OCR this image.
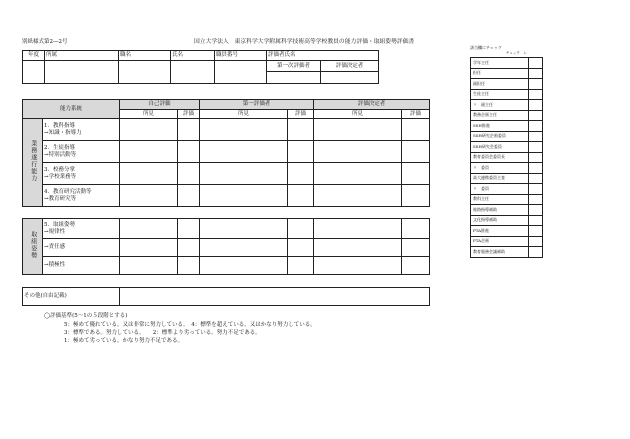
別紙様式第2―2号	国立大学法人　東京科学大学附属科学技術高等学校教員の能力評価・取組姿勢評価書
年度	所属	職名	氏名	職員番号	評価者氏名	
					第一次評価者	評価決定者

能力系統		自己評価		第一評価者		評価決定者	
		所見	評価	所見	評価	所見	評価
業務遂行能力	1．教科指導
→知識・指導力						

	2．生徒指導
→特別活動等						

	3．校務分掌
→学校業務等						

	4．教育研究活動等
→教育研究等						

取組姿勢	5．取組姿勢
→規律性						

	→責任感						
	→積極性						
その他(自由記載)	
◯評価基準(5～1の５段階とする)
5：極めて優れている。又は非常に努力している。　4：標準を超えている。又はかなり努力している。
3：標準である。努力している。　　2：標準より劣っている。努力不足である。
1：極めて劣っている。かなり努力不足である。
該当欄にチェック
チェック　レ
学年主任	
担任	
副担任	
生徒主任	
〃　副主任	
教務企画主任	
SSH推進	
SSH研究企画委員	
SSH研究会委員	
教育委員会委員長	
〃　委員	
高大連携委員主査	
〃　委員	
教科主任	
進路指導補助	
文化指導補助	
PTA推進	
PTA企画	
教育服務会議補助	
